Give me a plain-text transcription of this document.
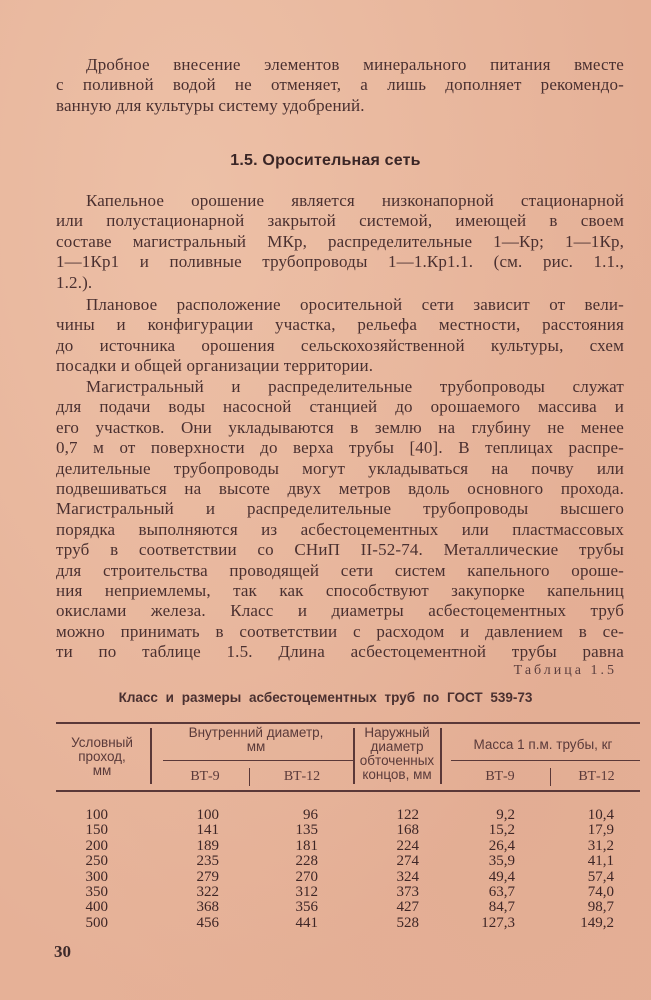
Дробное внесение элементов минерального питания вместе
с поливной водой не отменяет, а лишь дополняет рекомендо-
ванную для культуры систему удобрений.
1.5. Оросительная сеть
Капельное орошение является низконапорной стационарной
или полустационарной закрытой системой, имеющей в своем
составе магистральный МКр, распределительные 1—Кр; 1—1Кр,
1—1Кр1 и поливные трубопроводы 1—1.Кр1.1. (см. рис. 1.1.,
1.2.).
Плановое расположение оросительной сети зависит от вели-
чины и конфигурации участка, рельефа местности, расстояния
до источника орошения сельскохозяйственной культуры, схем
посадки и общей организации территории.
Магистральный и распределительные трубопроводы служат
для подачи воды насосной станцией до орошаемого массива и
его участков. Они укладываются в землю на глубину не менее
0,7 м от поверхности до верха трубы [40]. В теплицах распре-
делительные трубопроводы могут укладываться на почву или
подвешиваться на высоте двух метров вдоль основного прохода.
Магистральный и распределительные трубопроводы высшего
порядка выполняются из асбестоцементных или пластмассовых
труб в соответствии со СНиП II-52-74. Металлические трубы
для строительства проводящей сети систем капельного ороше-
ния неприемлемы, так как способствуют закупорке капельниц
окислами железа. Класс и диаметры асбестоцементных труб
можно принимать в соответствии с расходом и давлением в се-
ти по таблице 1.5. Длина асбестоцементной трубы равна
Таблица 1.5
Класс и размеры асбестоцементных труб по ГОСТ 539-73
Условный
проход,
мм
Внутренний диаметр,
мм
ВТ-9	ВТ-12
Наружный
диаметр
обточенных
концов, мм
Масса 1 п.м. трубы, кг
ВТ-9	ВТ-12
100	100	96	122	9,2	10,4
150	141	135	168	15,2	17,9
200	189	181	224	26,4	31,2
250	235	228	274	35,9	41,1
300	279	270	324	49,4	57,4
350	322	312	373	63,7	74,0
400	368	356	427	84,7	98,7
500	456	441	528	127,3	149,2
30
